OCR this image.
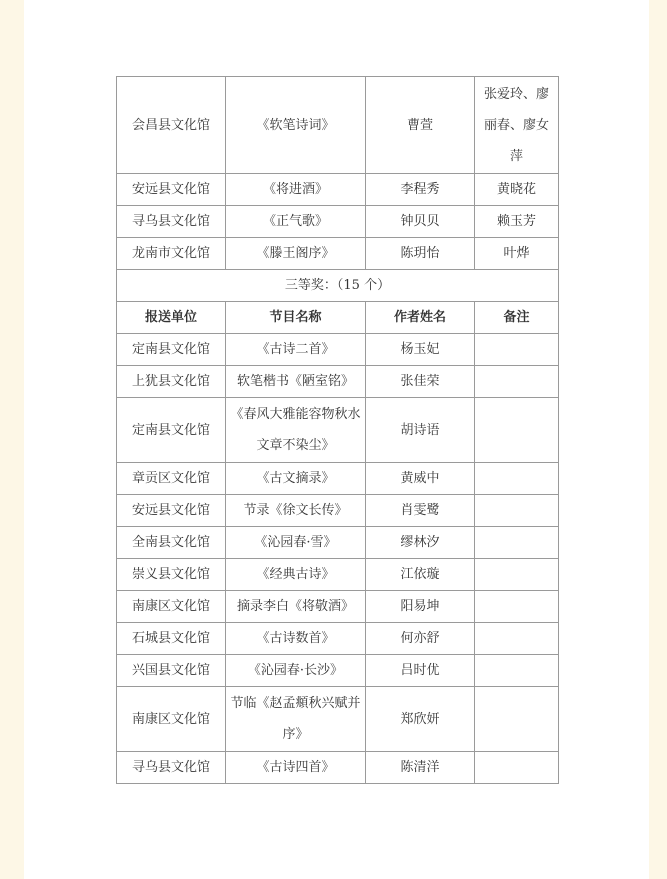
会昌县文化馆	《软笔诗词》	曹萱	张爱玲、廖丽春、廖女萍
安远县文化馆	《将进酒》	李程秀	黄晓花
寻乌县文化馆	《正气歌》	钟贝贝	赖玉芳
龙南市文化馆	《滕王阁序》	陈玥怡	叶烨
三等奖：（15 个）			
报送单位	节目名称	作者姓名	备注
定南县文化馆	《古诗二首》	杨玉妃	
上犹县文化馆	软笔楷书《陋室铭》	张佳荣	
定南县文化馆	《春风大雅能容物秋水文章不染尘》	胡诗语	
章贡区文化馆	《古文摘录》	黄威中	
安远县文化馆	节录《徐文长传》	肖雯鹭	
全南县文化馆	《沁园春·雪》	缪林汐	
崇义县文化馆	《经典古诗》	江依璇	
南康区文化馆	摘录李白《将敬酒》	阳易坤	
石城县文化馆	《古诗数首》	何亦舒	
兴国县文化馆	《沁园春·长沙》	吕时优	
南康区文化馆	节临《赵孟頫秋兴赋并序》	郑欣妍	
寻乌县文化馆	《古诗四首》	陈清洋	
